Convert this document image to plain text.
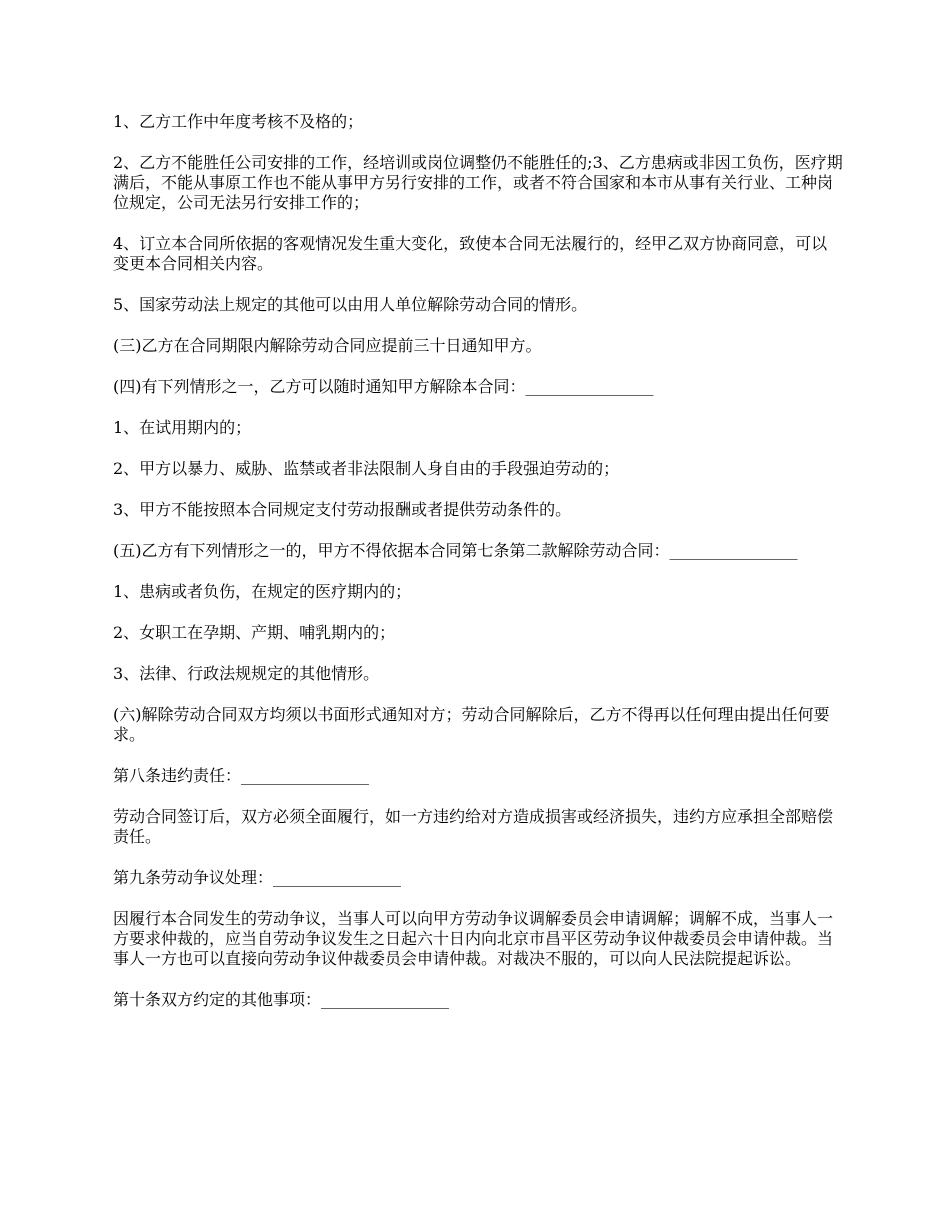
1、乙方工作中年度考核不及格的；

2、乙方不能胜任公司安排的工作，经培训或岗位调整仍不能胜任的;3、乙方患病或非因工负伤，医疗期满后，不能从事原工作也不能从事甲方另行安排的工作，或者不符合国家和本市从事有关行业、工种岗位规定，公司无法另行安排工作的；

4、订立本合同所依据的客观情况发生重大变化，致使本合同无法履行的，经甲乙双方协商同意，可以变更本合同相关内容。

5、国家劳动法上规定的其他可以由用人单位解除劳动合同的情形。

(三)乙方在合同期限内解除劳动合同应提前三十日通知甲方。

(四)有下列情形之一，乙方可以随时通知甲方解除本合同：________________

1、在试用期内的；

2、甲方以暴力、威胁、监禁或者非法限制人身自由的手段强迫劳动的；

3、甲方不能按照本合同规定支付劳动报酬或者提供劳动条件的。

(五)乙方有下列情形之一的，甲方不得依据本合同第七条第二款解除劳动合同：________________

1、患病或者负伤，在规定的医疗期内的；

2、女职工在孕期、产期、哺乳期内的；

3、法律、行政法规规定的其他情形。

(六)解除劳动合同双方均须以书面形式通知对方；劳动合同解除后，乙方不得再以任何理由提出任何要求。

第八条违约责任：________________

劳动合同签订后，双方必须全面履行，如一方违约给对方造成损害或经济损失，违约方应承担全部赔偿责任。

第九条劳动争议处理：________________

因履行本合同发生的劳动争议，当事人可以向甲方劳动争议调解委员会申请调解；调解不成，当事人一方要求仲裁的，应当自劳动争议发生之日起六十日内向北京市昌平区劳动争议仲裁委员会申请仲裁。当事人一方也可以直接向劳动争议仲裁委员会申请仲裁。对裁决不服的，可以向人民法院提起诉讼。

第十条双方约定的其他事项：________________
